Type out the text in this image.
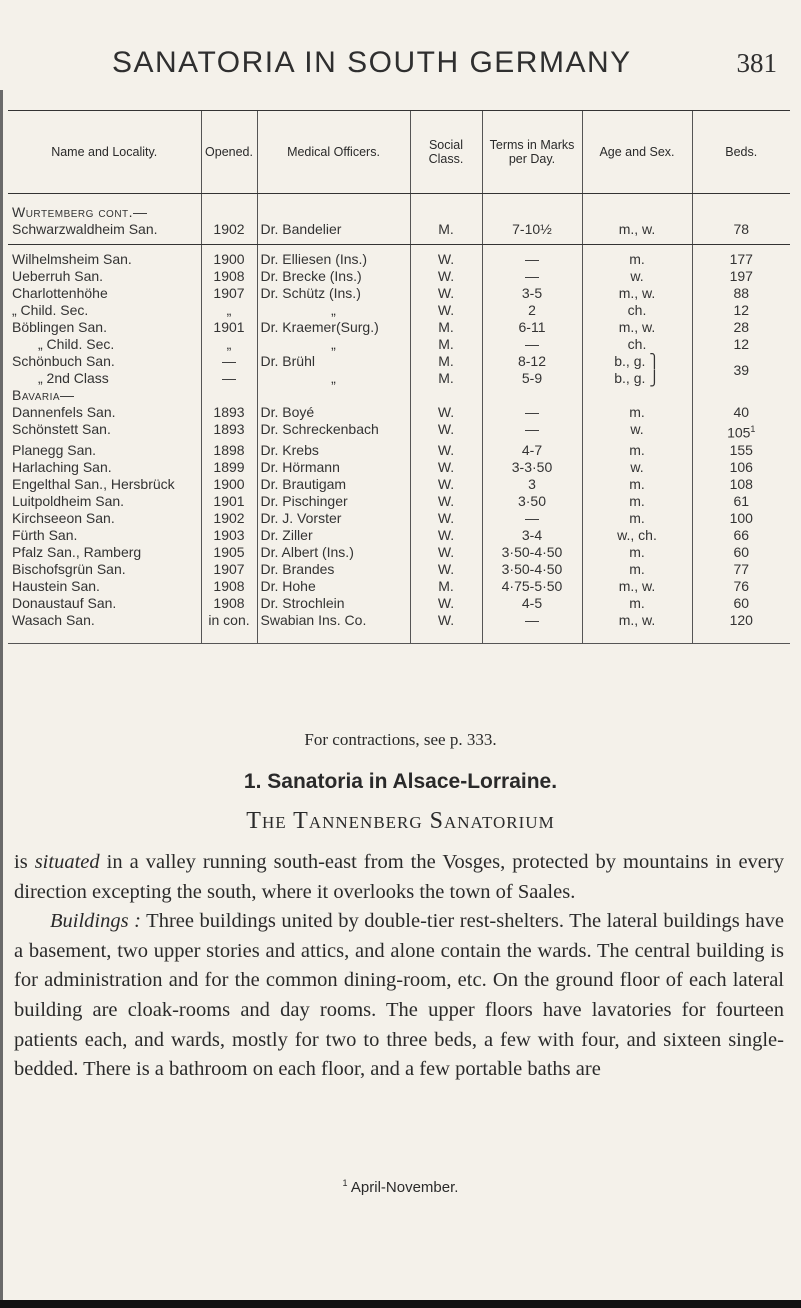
SANATORIA IN SOUTH GERMANY	381
Name and Locality.	Opened.	Medical Officers.	Social Class.	Terms in Marks per Day.	Age and Sex.	Beds.
Wurtemberg cont.—						
Schwarzwaldheim San.	1902	Dr. Bandelier	M.	7-10½	m., w.	78
Wilhelmsheim San.	1900	Dr. Elliesen (Ins.)	W.	—	m.	177
Ueberruh San.	1908	Dr. Brecke (Ins.)	W.	—	w.	197
Charlottenhöhe	1907	Dr. Schütz (Ins.)	W.	3-5	m., w.	88
„ Child. Sec.	„	„	W.	2	ch.	12
Böblingen San.	1901	Dr. Kraemer(Surg.)	M.	6-11	m., w.	28
„ Child. Sec.	„	„	M.	—	ch.	12
Schönbuch San.	—	Dr. Brühl	M.	8-12	b., g. ⎫	39
„ 2nd Class	—	„	M.	5-9	b., g. ⎭	
Bavaria—						
Dannenfels San.	1893	Dr. Boyé	W.	—	m.	40
Schönstett San.	1893	Dr. Schreckenbach	W.	—	w.	$105^1$
Planegg San.	1898	Dr. Krebs	W.	4-7	m.	155
Harlaching San.	1899	Dr. Hörmann	W.	3-3·50	w.	106
Engelthal San., Hersbrück	1900	Dr. Brautigam	W.	3	m.	108
Luitpoldheim San.	1901	Dr. Pischinger	W.	3·50	m.	61
Kirchseeon San.	1902	Dr. J. Vorster	W.	—	m.	100
Fürth San.	1903	Dr. Ziller	W.	3-4	w., ch.	66
Pfalz San., Ramberg	1905	Dr. Albert (Ins.)	W.	3·50-4·50	m.	60
Bischofsgrün San.	1907	Dr. Brandes	W.	3·50-4·50	m.	77
Haustein San.	1908	Dr. Hohe	M.	4·75-5·50	m., w.	76
Donaustauf San.	1908	Dr. Strochlein	W.	4-5	m.	60
Wasach San.	in con.	Swabian Ins. Co.	W.	—	m., w.	120
For contractions, see p. 333.
1. Sanatoria in Alsace-Lorraine.
The Tannenberg Sanatorium

is situated in a valley running south-east from the Vosges, protected by mountains in every direction excepting the south, where it overlooks the town of Saales.

Buildings : Three buildings united by double-tier rest-shelters. The lateral buildings have a basement, two upper stories and attics, and alone contain the wards. The central building is for administration and for the common dining-room, etc. On the ground floor of each lateral building are cloak-rooms and day rooms. The upper floors have lavatories for fourteen patients each, and wards, mostly for two to three beds, a few with four, and sixteen single-bedded. There is a bathroom on each floor, and a few portable baths are

$^1$ April-November.
